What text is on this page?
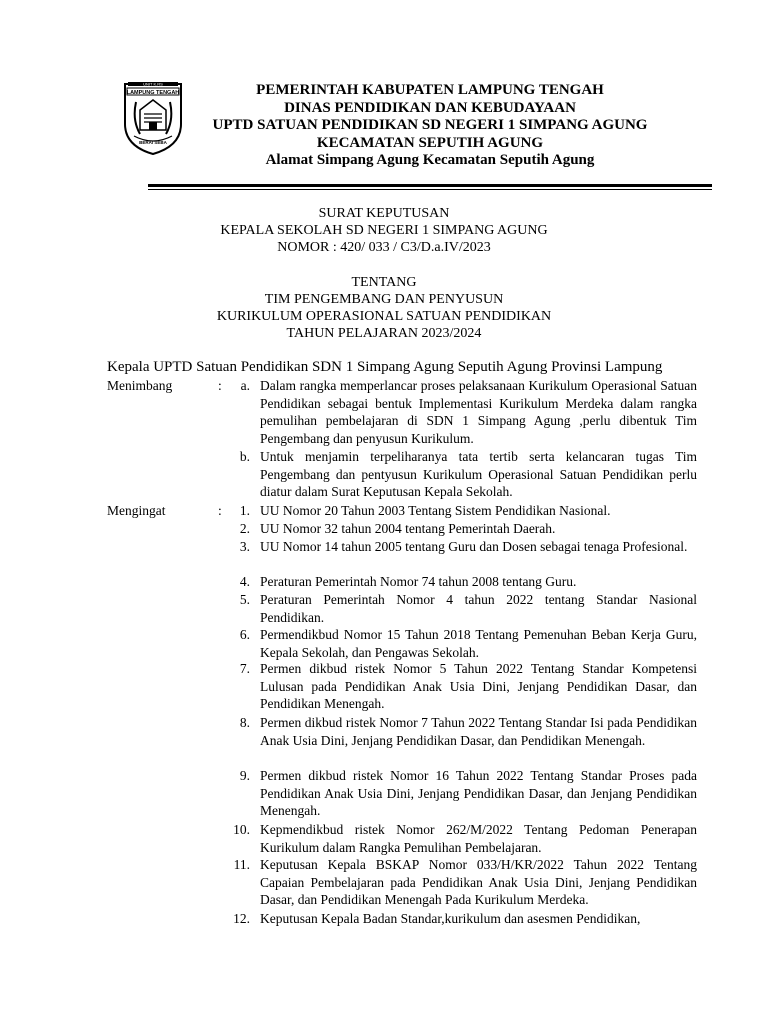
LAMPUNG TENGAH
UNIT K.RS
BERAI SEBA
PEMERINTAH KABUPATEN LAMPUNG TENGAH
DINAS PENDIDIKAN DAN KEBUDAYAAN
UPTD SATUAN PENDIDIKAN SD NEGERI 1 SIMPANG AGUNG
KECAMATAN SEPUTIH AGUNG
Alamat Simpang Agung Kecamatan Seputih Agung
SURAT KEPUTUSAN
KEPALA SEKOLAH SD NEGERI 1 SIMPANG AGUNG
NOMOR : 420/ 033 / C3/D.a.IV/2023
TENTANG
TIM PENGEMBANG DAN PENYUSUN
KURIKULUM OPERASIONAL SATUAN PENDIDIKAN
TAHUN PELAJARAN 2023/2024
Kepala UPTD Satuan Pendidikan SDN 1 Simpang Agung Seputih Agung Provinsi Lampung
Menimbang	:	a. Dalam rangka memperlancar proses pelaksanaan Kurikulum Operasional Satuan Pendidikan sebagai bentuk Implementasi Kurikulum Merdeka dalam rangka pemulihan pembelajaran di SDN 1 Simpang Agung ,perlu dibentuk Tim Pengembang dan penyusun Kurikulum.
b. Untuk menjamin terpeliharanya tata tertib serta kelancaran tugas Tim Pengembang dan pentyusun Kurikulum Operasional Satuan Pendidikan perlu diatur dalam Surat Keputusan Kepala Sekolah.
Mengingat	:	1. UU Nomor 20 Tahun 2003 Tentang Sistem Pendidikan Nasional.
2. UU Nomor 32 tahun 2004 tentang Pemerintah Daerah.
3. UU Nomor 14 tahun 2005 tentang Guru dan Dosen sebagai tenaga Profesional.
4. Peraturan Pemerintah Nomor 74 tahun 2008 tentang Guru.
5. Peraturan Pemerintah Nomor 4 tahun 2022 tentang Standar Nasional Pendidikan.
6. Permendikbud Nomor 15 Tahun 2018 Tentang Pemenuhan Beban Kerja Guru, Kepala Sekolah, dan Pengawas Sekolah.
7. Permen dikbud ristek Nomor 5 Tahun 2022 Tentang Standar Kompetensi Lulusan pada Pendidikan Anak Usia Dini, Jenjang Pendidikan Dasar, dan Pendidikan Menengah.
8. Permen dikbud ristek Nomor 7 Tahun 2022 Tentang Standar Isi pada Pendidikan Anak Usia Dini, Jenjang Pendidikan Dasar, dan Pendidikan Menengah.
9. Permen dikbud ristek Nomor 16 Tahun 2022 Tentang Standar Proses pada Pendidikan Anak Usia Dini, Jenjang Pendidikan Dasar, dan Jenjang Pendidikan Menengah.
10. Kepmendikbud ristek Nomor 262/M/2022 Tentang Pedoman Penerapan Kurikulum dalam Rangka Pemulihan Pembelajaran.
11. Keputusan Kepala BSKAP Nomor 033/H/KR/2022 Tahun 2022 Tentang Capaian Pembelajaran pada Pendidikan Anak Usia Dini, Jenjang Pendidikan Dasar, dan Pendidikan Menengah Pada Kurikulum Merdeka.
12. Keputusan Kepala Badan Standar,kurikulum dan asesmen Pendidikan,
